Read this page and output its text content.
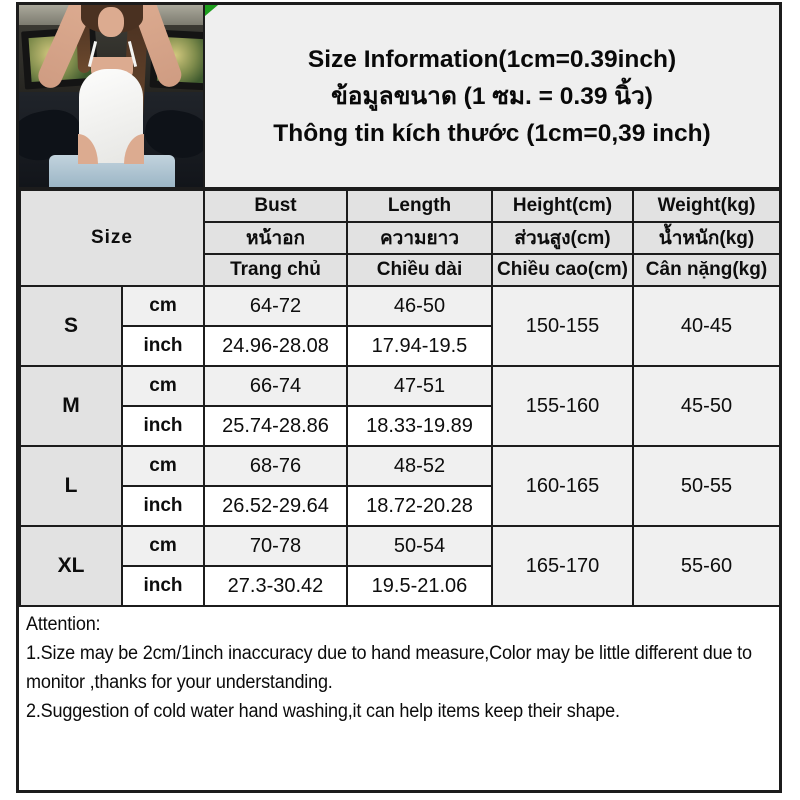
Size Information(1cm=0.39inch)
ข้อมูลขนาด (1 ซม. = 0.39 นิ้ว)
Thông tin kích thước (1cm=0,39 inch)
Size		Bust	Length	Height(cm)	Weight(kg)
		หน้าอก	ความยาว	ส่วนสูง(cm)	น้ำหนัก(kg)
		Trang chủ	Chiều dài	Chiều cao(cm)	Cân nặng(kg)
S	cm	64-72	46-50	150-155	40-45
	inch	24.96-28.08	17.94-19.5		
M	cm	66-74	47-51	155-160	45-50
	inch	25.74-28.86	18.33-19.89		
L	cm	68-76	48-52	160-165	50-55
	inch	26.52-29.64	18.72-20.28		
XL	cm	70-78	50-54	165-170	55-60
	inch	27.3-30.42	19.5-21.06		
Attention:
1.Size may be 2cm/1inch inaccuracy due to hand measure,Color may be little different due to monitor ,thanks for your understanding.
2.Suggestion of cold water hand washing,it can help items keep their shape.
